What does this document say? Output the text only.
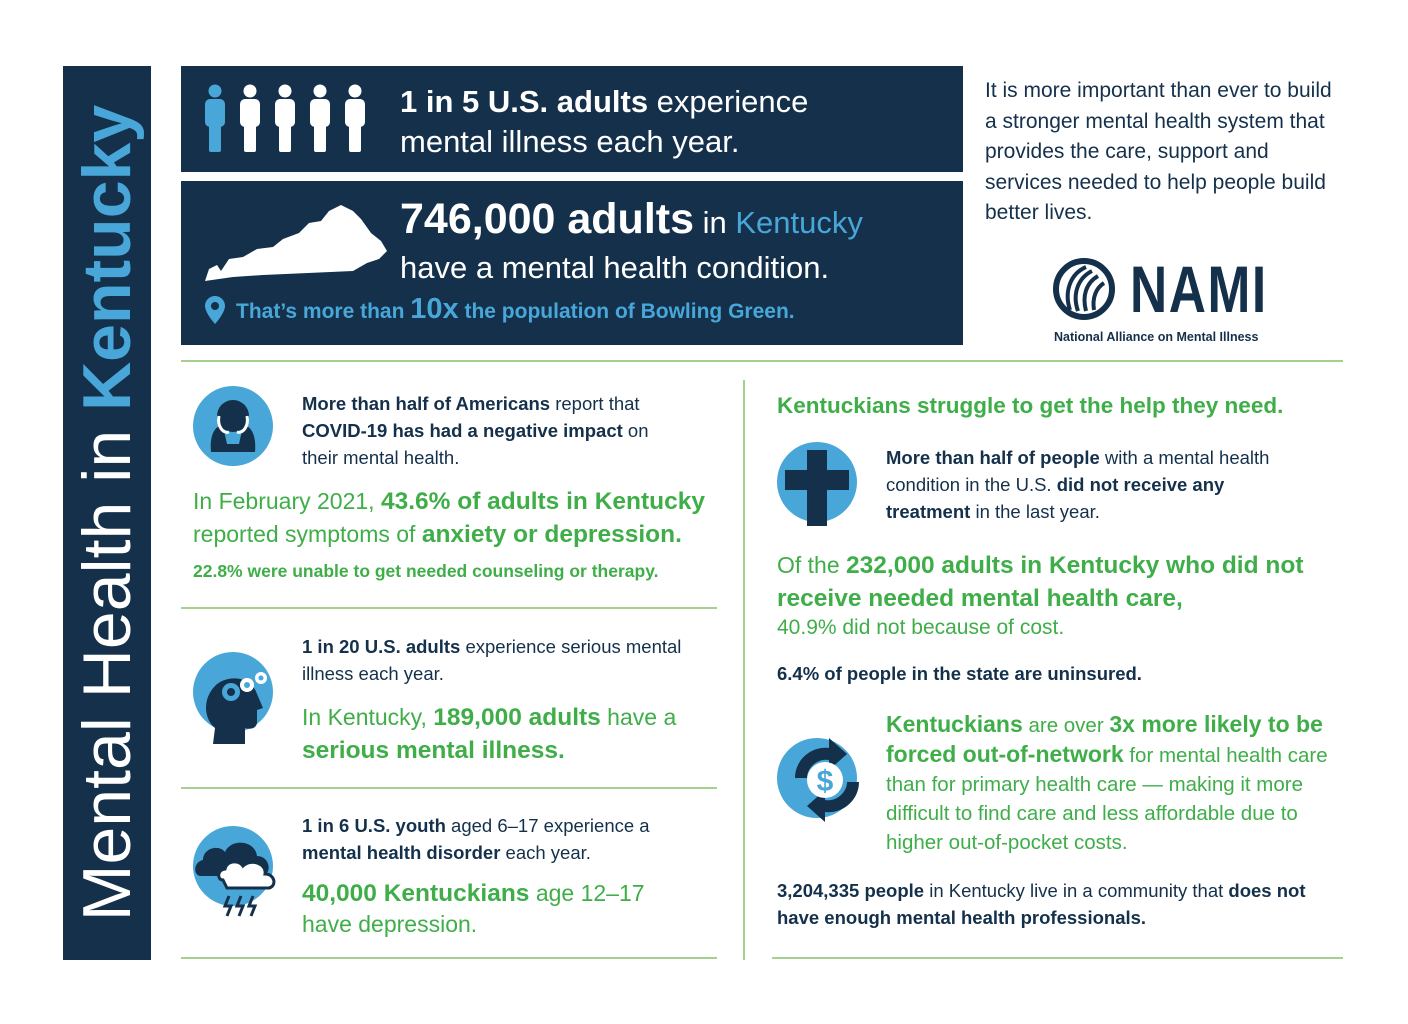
Mental Health in Kentucky
1 in 5 U.S. adults experience
mental illness each year.
746,000 adults in Kentucky
have a mental health condition.
That’s more than 10x the population of Bowling Green.
It is more important than ever to build a stronger mental health system that provides the care, support and services needed to help people build better lives.
NAMI
National Alliance on Mental Illness
More than half of Americans report that COVID-19 has had a negative impact on their mental health.
In February 2021, 43.6% of adults in Kentucky
reported symptoms of anxiety or depression.
22.8% were unable to get needed counseling or therapy.
1 in 20 U.S. adults experience serious mental illness each year.
In Kentucky, 189,000 adults have a serious mental illness.
1 in 6 U.S. youth aged 6–17 experience a mental health disorder each year.
40,000 Kentuckians age 12–17 have depression.
Kentuckians struggle to get the help they need.
More than half of people with a mental health condition in the U.S. did not receive any treatment in the last year.
Of the 232,000 adults in Kentucky who did not receive needed mental health care,
40.9% did not because of cost.
6.4% of people in the state are uninsured.
$
Kentuckians are over 3x more likely to be forced out-of-network for mental health care than for primary health care — making it more difficult to find care and less affordable due to higher out-of-pocket costs.
3,204,335 people in Kentucky live in a community that does not have enough mental health professionals.
